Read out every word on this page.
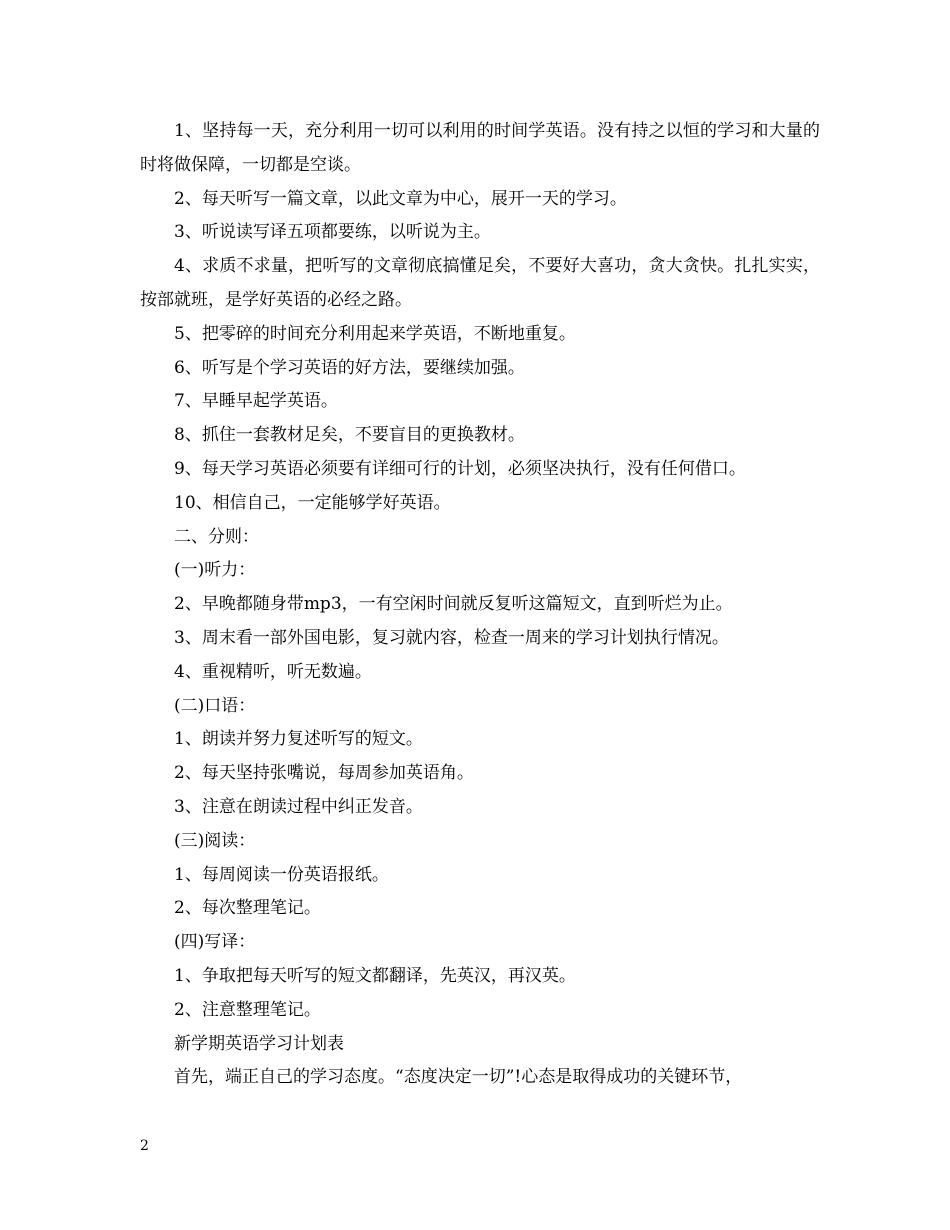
1、坚持每一天，充分利用一切可以利用的时间学英语。没有持之以恒的学习和大量的时将做保障，一切都是空谈。

2、每天听写一篇文章，以此文章为中心，展开一天的学习。

3、听说读写译五项都要练，以听说为主。

4、求质不求量，把听写的文章彻底搞懂足矣，不要好大喜功，贪大贪快。扎扎实实，按部就班，是学好英语的必经之路。

5、把零碎的时间充分利用起来学英语，不断地重复。

6、听写是个学习英语的好方法，要继续加强。

7、早睡早起学英语。

8、抓住一套教材足矣，不要盲目的更换教材。

9、每天学习英语必须要有详细可行的计划，必须坚决执行，没有任何借口。

10、相信自己，一定能够学好英语。

二、分则：

(一)听力：

2、早晚都随身带mp3，一有空闲时间就反复听这篇短文，直到听烂为止。

3、周末看一部外国电影，复习就内容，检查一周来的学习计划执行情况。

4、重视精听，听无数遍。

(二)口语：

1、朗读并努力复述听写的短文。

2、每天坚持张嘴说，每周参加英语角。

3、注意在朗读过程中纠正发音。

(三)阅读：

1、每周阅读一份英语报纸。

2、每次整理笔记。

(四)写译：

1、争取把每天听写的短文都翻译，先英汉，再汉英。

2、注意整理笔记。

新学期英语学习计划表

首先，端正自己的学习态度。“态度决定一切”!心态是取得成功的关键环节，

2
